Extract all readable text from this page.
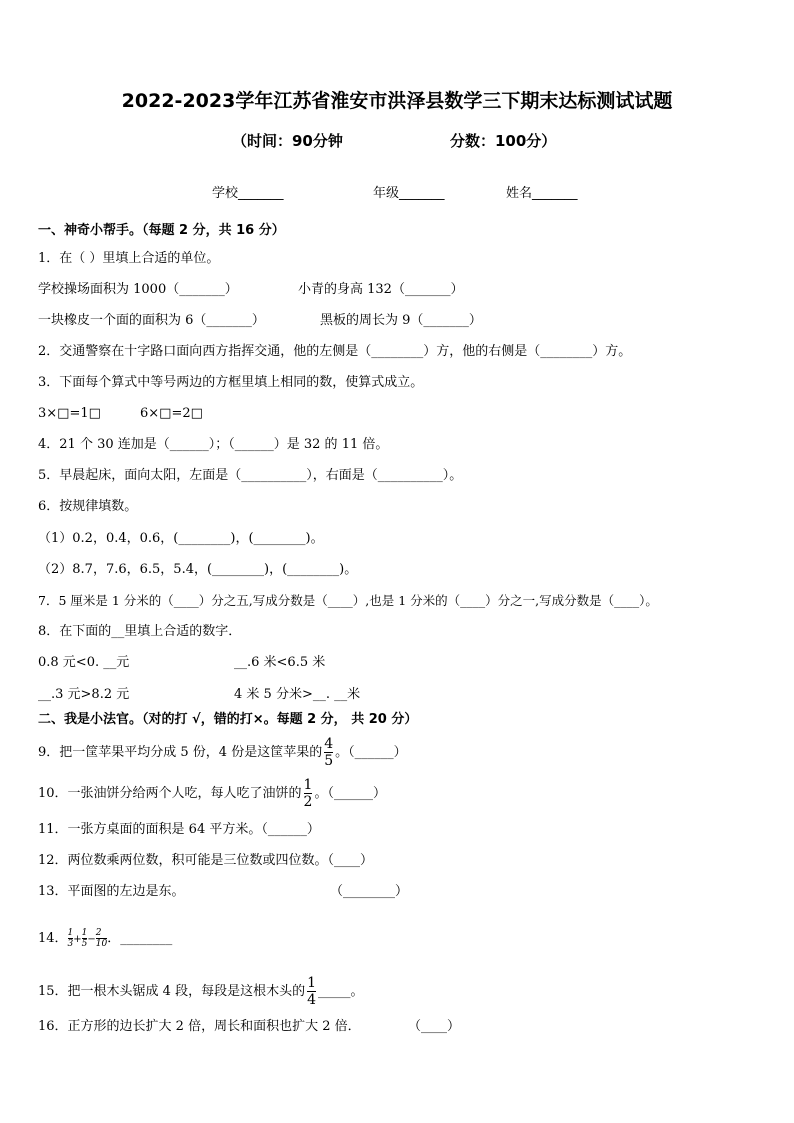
2022-2023学年江苏省淮安市洪泽县数学三下期末达标测试试题
（时间：90分钟	分数：100分）
学校_______	年级_______	姓名_______
一、神奇小帮手。（每题 2 分，共 16 分）
1．在（ ）里填上合适的单位。
学校操场面积为 1000（_______）	小青的身高 132（_______）
一块橡皮一个面的面积为 6（_______）	黑板的周长为 9（_______）
2．交通警察在十字路口面向西方指挥交通，他的左侧是（________）方，他的右侧是（________）方。
3．下面每个算式中等号两边的方框里填上相同的数，使算式成立。
3×□=1□	6×□=2□
4．21 个 30 连加是（______）；（______）是 32 的 11 倍。
5．早晨起床，面向太阳，左面是（__________），右面是（__________）。
6．按规律填数。
（1）0.2，0.4，0.6，(________)，(________)。
（2）8.7，7.6，6.5，5.4，(________)，(________)。
7．5 厘米是 1 分米的（____）分之五,写成分数是（____）,也是 1 分米的（____）分之一,写成分数是（____）。
8．在下面的__里填上合适的数字．
0.8 元<0. __元	__.6 米<6.5 米
__.3 元>8.2 元	4 米 5 分米>__. __米
二、我是小法官。（对的打 √，错的打×。每题 2 分， 共 20 分）
9．把一筐苹果平均分成 5 份，4 份是这筐苹果的 $\frac{4}{5}$ 。（______）
10．一张油饼分给两个人吃，每人吃了油饼的 $\frac{1}{2}$ 。（______）
11．一张方桌面的面积是 64 平方米。（______）
12．两位数乘两位数，积可能是三位数或四位数。（____）
13．平面图的左边是东。	（________）
14． $\frac{1}{3} + \frac{1}{5} - \frac{2}{10}$ ．________
15．把一根木头锯成 4 段，每段是这根木头的 $\frac{1}{4}$ _____。
16．正方形的边长扩大 2 倍，周长和面积也扩大 2 倍．	（____）
